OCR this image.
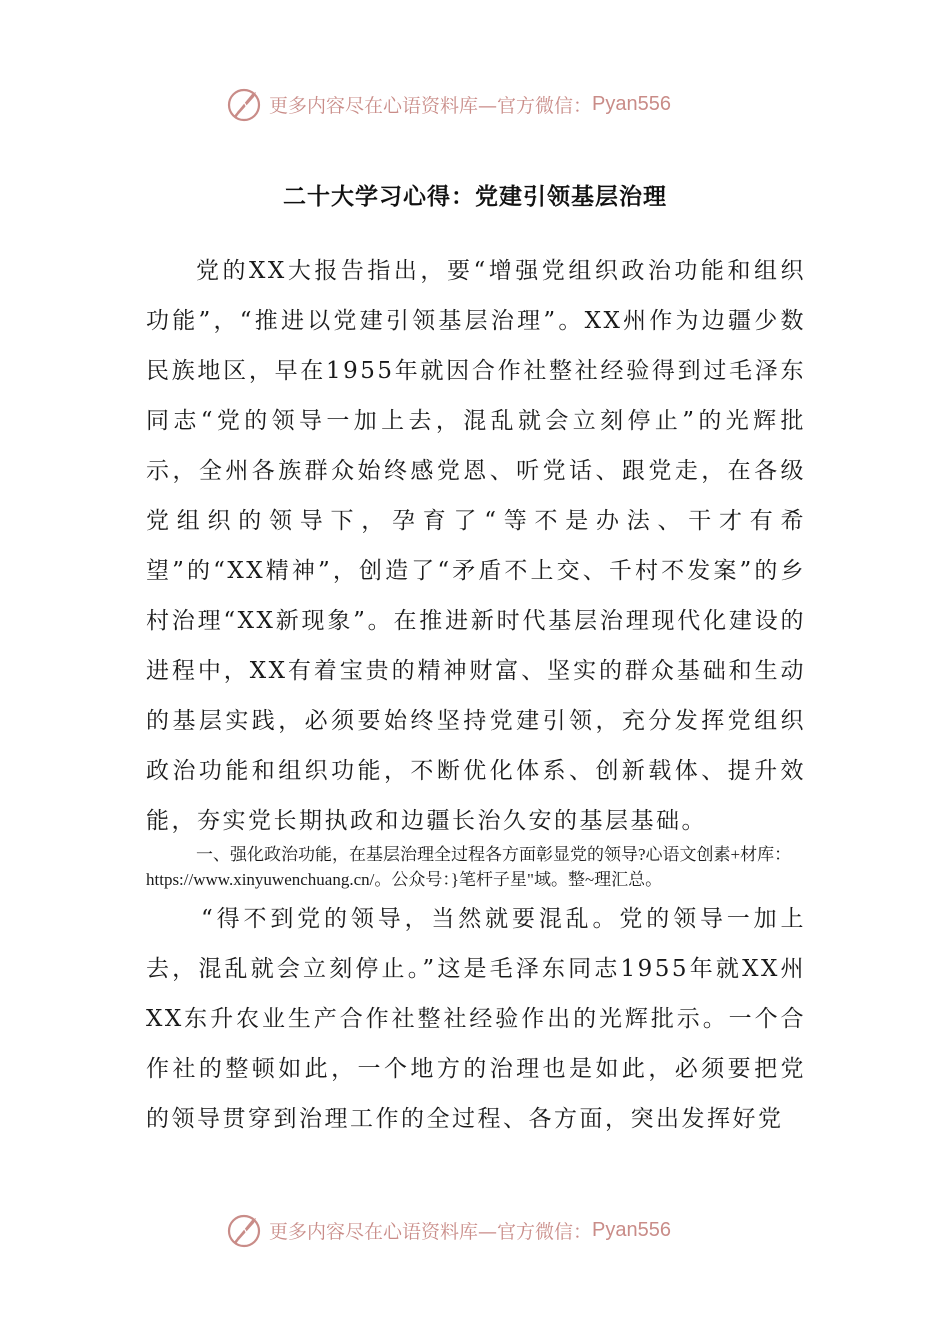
更多内容尽在心语资料库—官方微信： Pyan556
二十大学习心得：党建引领基层治理

党的XX大报告指出，要“增强党组织政治功能和组织功能”，“推进以党建引领基层治理”。XX州作为边疆少数民族地区，早在1955年就因合作社整社经验得到过毛泽东同志“党的领导一加上去，混乱就会立刻停止”的光辉批示，全州各族群众始终感党恩、听党话、跟党走，在各级党组织的领导下，孕育了“等不是办法、干才有希望”的“XX精神”，创造了“矛盾不上交、千村不发案”的乡村治理“XX新现象”。在推进新时代基层治理现代化建设的进程中，XX有着宝贵的精神财富、坚实的群众基础和生动的基层实践，必须要始终坚持党建引领，充分发挥党组织政治功能和组织功能，不断优化体系、创新载体、提升效能，夯实党长期执政和边疆长治久安的基层基础。

一、强化政治功能，在基层治理全过程各方面彰显党的领导?心语文创素+材库：https://www.xinyuwenchuang.cn/。公众号：}笔杆子星"域。整~理汇总。

“得不到党的领导，当然就要混乱。党的领导一加上去，混乱就会立刻停止。”这是毛泽东同志1955年就XX州XX东升农业生产合作社整社经验作出的光辉批示。一个合作社的整顿如此，一个地方的治理也是如此，必须要把党的领导贯穿到治理工作的全过程、各方面，突出发挥好党

更多内容尽在心语资料库—官方微信： Pyan556
